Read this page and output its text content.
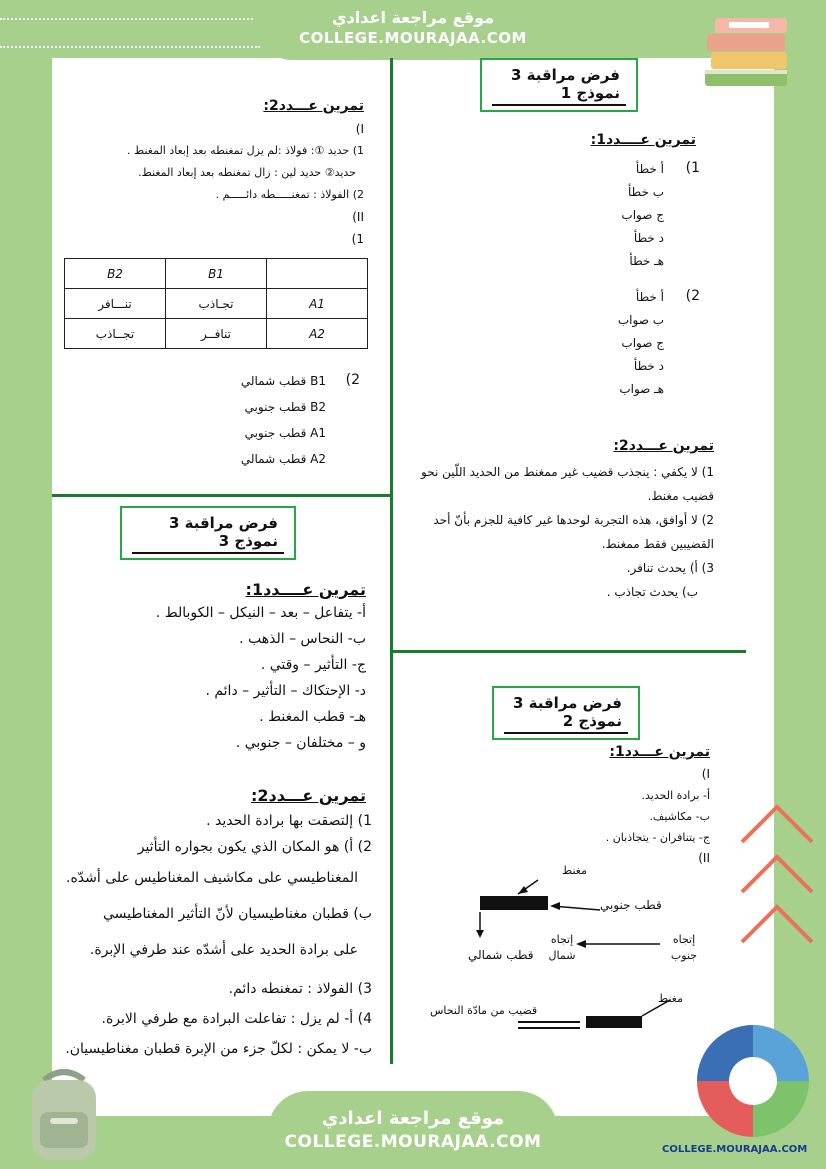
موقع مراجعة اعدادي
COLLEGE.MOURAJAA.COM
فرض مراقبة 3 نموذج 1
تمرين عــــدد1:
1)
أ خطأ
ب خطأ
ج صواب
د خطأ
هـ خطأ
2)
أ خطأ
ب صواب
ج صواب
د خطأ
هـ صواب
تمرين عـــدد2:
1) لا يكفي : ينجذب قضيب غير ممغنط من الحديد اللّين نحو
قضيب مغنط.
2) لا أوافق، هذه التجربة لوحدها غير كافية للجزم بأنّ أحد
القضيبين فقط ممغنط.
3) أ) يحدث تنافر.
ب) يحدث تجاذب .
تمرين عـــدد2:
I)
1) حديد ①: فولاذ :لم يزل تمغنطه بعد إبعاد المغنط .
حديد② حديد لين : زال تمغنطه بعد إبعاد المغنط.
2) الفولاذ : تمغنـــــطه دائـــــم .
II)
1)
	B1	B2
A1	تجـاذب	تنـــافر
A2	تنافــر	تجــاذب
2)
B1 قطب شمالي
B2 قطب جنوبي
A1 قطب جنوبي
A2 قطب شمالي
فرض مراقبة 3 نموذج 3
تمرين عــــدد1:
أ- يتفاعل – بعد – النيكل – الكوبالط .
ب- النحاس – الذهب .
ج- التأثير – وقتي .
د- الإحتكاك – التأثير – دائم .
هـ- قطب المغنط .
و – مختلفان – جنوبي .
تمرين عـــدد2:
1) إلتصقت بها برادة الحديد .
2) أ) هو المكان الذي يكون بجواره التأثير
المغناطيسي على مكاشيف المغناطيس على أشدّه.
ب) قطبان مغناطيسيان لأنّ التأثير المغناطيسي
على برادة الحديد على أشدّه عند طرفي الإبرة.
3) الفولاذ : تمغنطه دائم.
4) أ- لم يزل : تفاعلت البرادة مع طرفي الابرة.
ب- لا يمكن : لكلّ جزء من الإبرة قطبان مغناطيسيان.
فرض مراقبة 3 نموذج 2
تمرين عـــدد1:
I)
أ- برادة الحديد.
ب- مكاشيف.
ج- يتنافران - يتجاذبان .
II)
مغنط
قطب جنوبي
قطب شمالي
إتجاه شمال
إتجاه جنوب
قضيب من مادّة النحاس
مغنط
موقع مراجعة اعدادي
COLLEGE.MOURAJAA.COM	COLLEGE.MOURAJAA.COM
